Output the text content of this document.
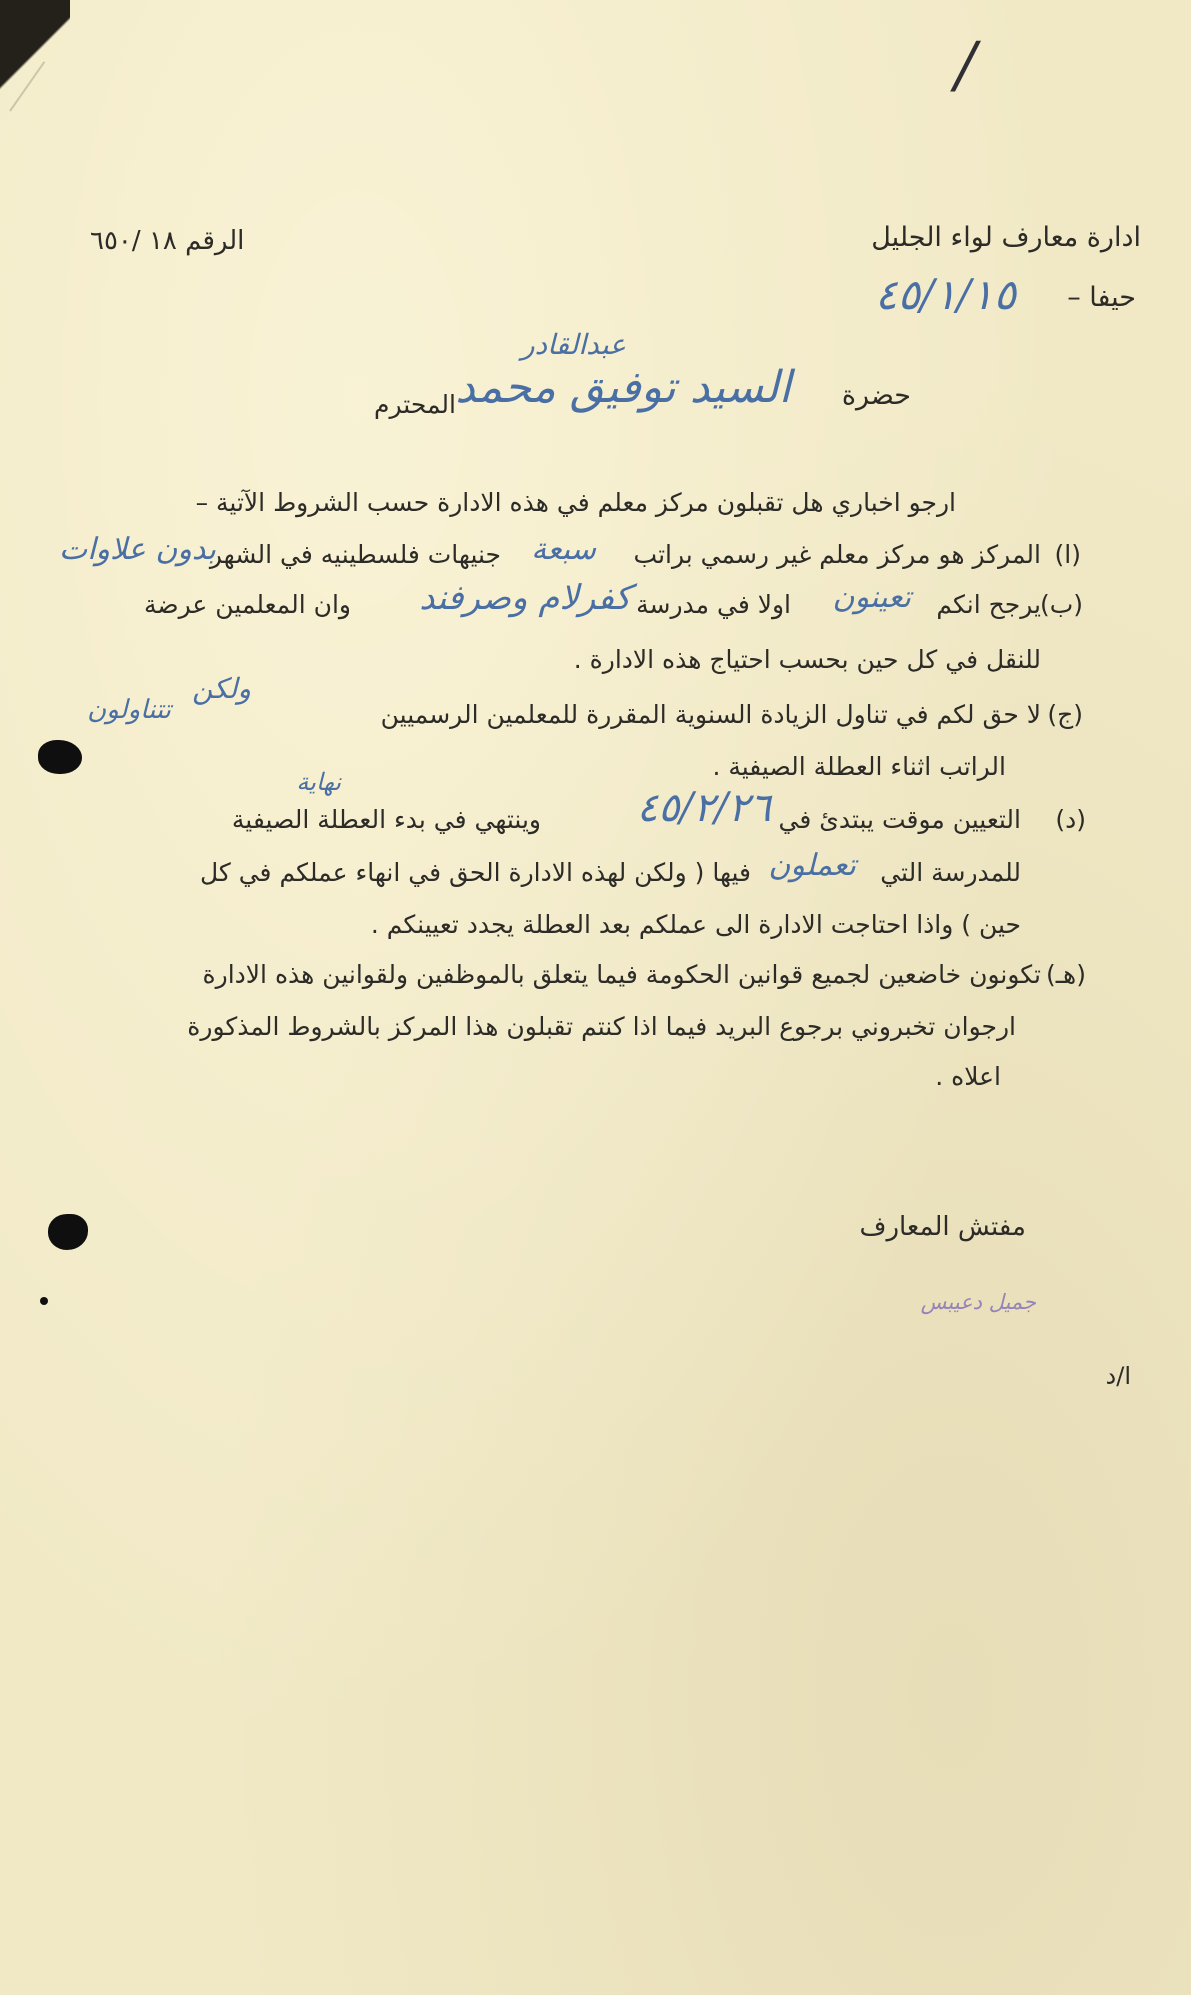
/
ادارة معارف لواء الجليل
حيفا –
٤٥/١/١٥
الرقم ١٨ /٦٥٠
حضرة
السيد توفيق محمد
عبدالقادر
المحترم
ارجو اخباري هل تقبلون مركز معلم في هذه الادارة حسب الشروط الآتية –
(ا)
المركز هو مركز معلم غير رسمي براتب
سبعة
جنيهات فلسطينيه في الشهر
بدون علاوات
(ب)
يرجح انكم
تعينون
اولا في مدرسة
كفرلام وصرفند
وان المعلمين عرضة
للنقل في كل حين بحسب احتياج هذه الادارة .
(ج)
لا حق لكم في تناول الزيادة السنوية المقررة للمعلمين الرسميين
ولكن
تتناولون
الراتب اثناء العطلة الصيفية .
(د)
التعيين موقت يبتدئ في
٤٥/٢/٢٦
نهاية
وينتهي في بدء العطلة الصيفية
للمدرسة التي
تعملون
فيها ( ولكن لهذه الادارة الحق في انهاء عملكم في كل
حين ) واذا احتاجت الادارة الى عملكم بعد العطلة يجدد تعيينكم .
(هـ)
تكونون خاضعين لجميع قوانين الحكومة فيما يتعلق بالموظفين ولقوانين هذه الادارة
ارجوان تخبروني برجوع البريد فيما اذا كنتم تقبلون هذا المركز بالشروط المذكورة
اعلاه .
مفتش المعارف
جميل دعيبس
ا/د
